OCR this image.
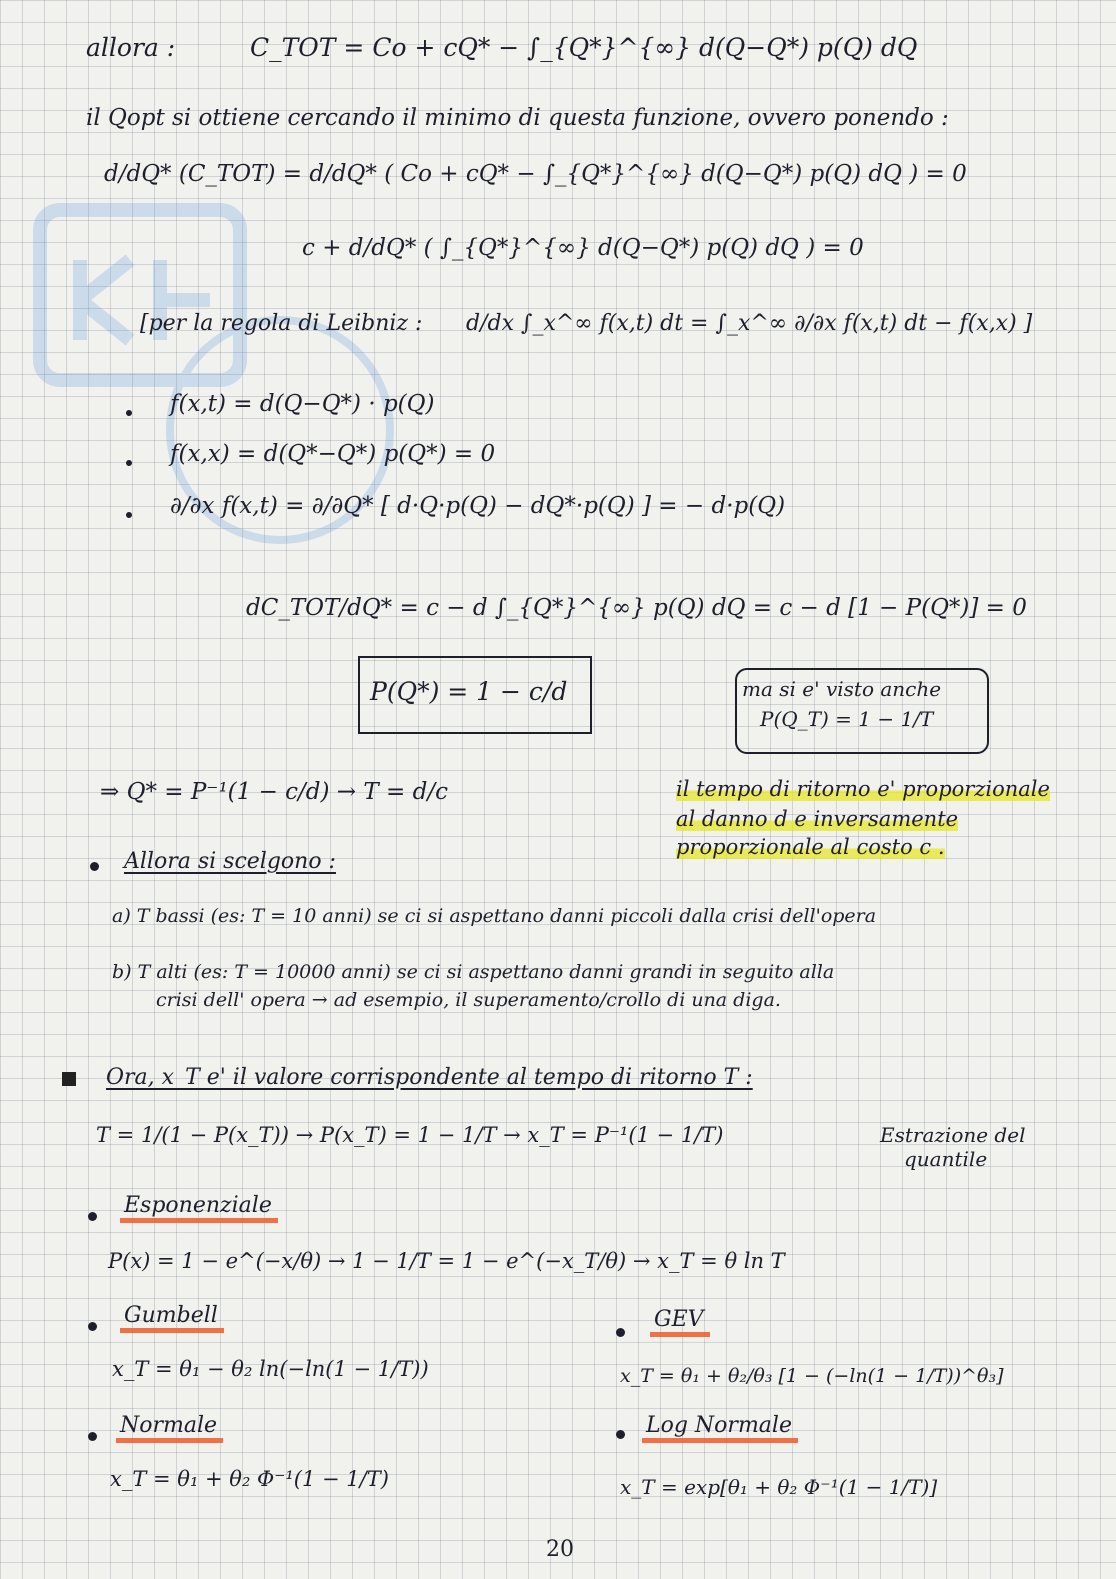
allora :	C_TOT = Co + cQ* − ∫_{Q*}^{∞} d(Q−Q*) p(Q) dQ
il Qopt si ottiene cercando il minimo di questa funzione, ovvero ponendo :
d/dQ* (C_TOT) = d/dQ* ( Co + cQ* − ∫_{Q*}^{∞} d(Q−Q*) p(Q) dQ ) = 0
c + d/dQ* ( ∫_{Q*}^{∞} d(Q−Q*) p(Q) dQ ) = 0
[per la regola di Leibniz : d/dx ∫_x^∞ f(x,t) dt = ∫_x^∞ ∂/∂x f(x,t) dt − f(x,x) ]
f(x,t) = d(Q−Q*) · p(Q)
f(x,x) = d(Q*−Q*) p(Q*) = 0
∂/∂x f(x,t) = ∂/∂Q* [ d·Q·p(Q) − dQ*·p(Q) ] = − d·p(Q)
dC_TOT/dQ* = c − d ∫_{Q*}^{∞} p(Q) dQ = c − d [1 − P(Q*)] = 0
P(Q*) = 1 − c/d	ma si e' visto anche
P(Q_T) = 1 − 1/T
⇒ Q* = P⁻¹(1 − c/d) → T = d/c	il tempo di ritorno e' proporzionale
al danno d e inversamente
proporzionale al costo c .
Allora si scelgono :
a) T bassi (es: T = 10 anni) se ci si aspettano danni piccoli dalla crisi dell'opera
b) T alti (es: T = 10000 anni) se ci si aspettano danni grandi in seguito alla
crisi dell' opera → ad esempio, il superamento/crollo di una diga.
Ora, x_T e' il valore corrispondente al tempo di ritorno T :
T = 1/(1 − P(x_T)) → P(x_T) = 1 − 1/T → x_T = P⁻¹(1 − 1/T)	Estrazione del
quantile
Esponenziale
P(x) = 1 − e^(−x/θ) → 1 − 1/T = 1 − e^(−x_T/θ) → x_T = θ ln T
Gumbell
x_T = θ₁ − θ₂ ln(−ln(1 − 1/T))
GEV
x_T = θ₁ + θ₂/θ₃ [1 − (−ln(1 − 1/T))^θ₃]
Normale
x_T = θ₁ + θ₂ Φ⁻¹(1 − 1/T)
Log Normale
x_T = exp[θ₁ + θ₂ Φ⁻¹(1 − 1/T)]
20
